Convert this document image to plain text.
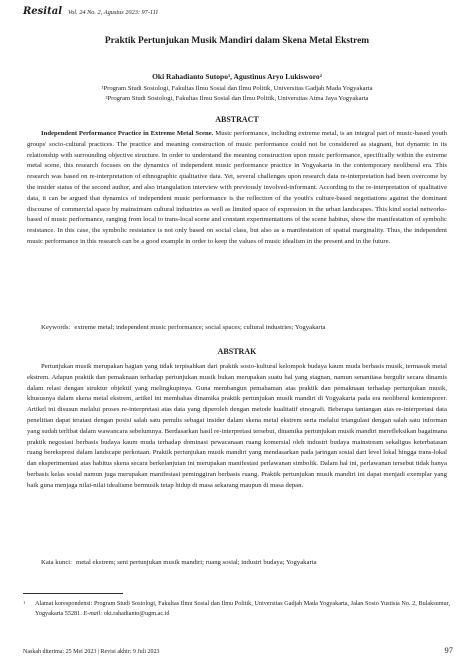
Resital Vol. 24 No. 2, Agustus 2023: 97-111
Praktik Pertunjukan Musik Mandiri dalam Skena Metal Ekstrem
Oki Rahadianto Sutopo¹, Agustinus Aryo Lukisworo²
¹Program Studi Sosiologi, Fakultas Ilmu Sosial dan Ilmu Politik, Universitas Gadjah Mada Yogyakarta
²Program Studi Sosiologi, Fakultas Ilmu Sosial dan Ilmu Politik, Universitas Atma Jaya Yogyakarta
ABSTRACT
Independent Performance Practice in Extreme Metal Scene. Music performance, including extreme metal, is an integral part of music-based youth groups' socio-cultural practices. The practice and meaning construction of music performance could not be considered as stagnant, but dynamic in its relationship with surrounding objective structure. In order to understand the meaning construction upon music performance, specifically within the extreme metal scene, this research focuses on the dynamics of independent music performance practice in Yogyakarta in the contemporary neoliberal era. This research was based on re-interpretation of ethnographic qualitative data. Yet, several challenges upon research data re-interpretation had been overcome by the insider status of the second author, and also triangulation interview with previously involved-informant. According to the re-interpretation of qualitative data, it can be argued that dynamics of independent music performance is the reflection of the youth's culture-based negotiations against the dominant discourse of commercial space by mainstream cultural industries as well as limited space of expression in the urban landscapes. This kind social networks-based of music performance, ranging from local to trans-local scene and constant experimentations of the scene habitus, show the manifestation of symbolic resistance. In this case, the symbolic resistance is not only based on social class, but also as a manifestation of spatial marginality. Thus, the independent music performance in this research can be a good example in order to keep the values of music idealism in the present and in the future.
Keywords: extreme metal; independent music performance; social spaces; cultural industries; Yogyakarta
ABSTRAK
Pertunjukan musik merupakan bagian yang tidak terpisahkan dari praktik sosio-kultural kelompok budaya kaum muda berbasis musik, termasuk metal ekstrem. Adapun praktik dan pemaknaan terhadap pertunjukan musik bukan merupakan suatu hal yang stagnan, namun senantiasa bergulir secara dinamis dalam relasi dengan struktur objektif yang melingkupinya. Guna membangun pemahaman atas praktik dan pemaknaan terhadap pertunjukan musik, khususnya dalam skena metal ekstrem, artikel ini membahas dinamika praktik pertunjukan musik mandiri di Yogyakarta pada era neoliberal kontemporer. Artikel ini disusun melalui proses re-interpretasi atas data yang diperoleh dengan metode kualitatif etnografi. Beberapa tantangan atas re-interpretasi data penelitian dapat teratasi dengan posisi salah satu penulis sebagai insider dalam skena metal ekstrem serta melalui triangulasi dengan salah satu informan yang sudah terlibat dalam wawancara sebelumnya. Berdasarkan hasil re-interpretasi tersebut, dinamika pertunjukan musik mandiri merefleksikan bagaimana praktik negosiasi berbasis budaya kaum muda terhadap dominasi pewacanaan ruang komersial oleh industri budaya mainstream sekaligus keterbatasan ruang berekspresi dalam landscape perkotaan. Praktik pertunjukan musik mandiri yang mendasarkan pada jaringan sosial dari level lokal hingga trans-lokal dan eksperimentasi atas habitus skena secara berkelanjutan ini merupakan manifestasi perlawanan simbolik. Dalam hal ini, perlawanan tersebut tidak hanya berbasis kelas sosial namun juga merupakan manifestasi peminggiran berbasis ruang. Praktik pertunjukan musik mandiri ini dapat menjadi exemplar yang baik guna menjaga nilai-nilai idealisme bermusik tetap hidup di masa sekarang maupun di masa depan.
Kata kunci: metal ekstrem; seni pertunjukan musik mandiri; ruang sosial; industri budaya; Yogyakarta
1	Alamat korespondensi: Program Studi Sosiologi, Fakultas Ilmu Sosial dan Ilmu Politik, Universitas Gadjah Mada Yogyakarta, Jalan Sosio Yustisia No. 2, Bulaksumur, Yogyakarta 55281. E-mail: oki.rahadianto@ugm.ac.id
Naskah diterima: 25 Mei 2023 | Revisi akhir: 9 Juli 2023	97
